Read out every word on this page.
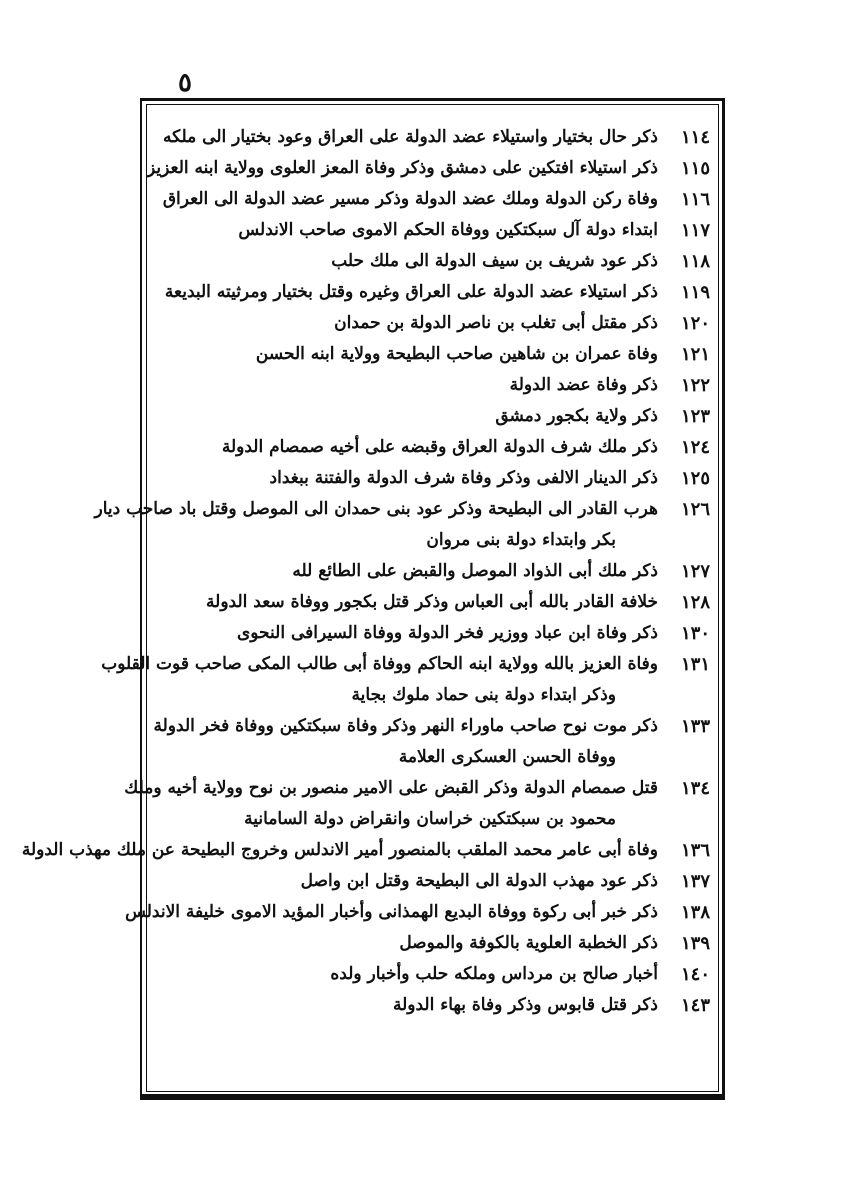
٥
١١٤
ذكر حال بختيار واستيلاء عضد الدولة على العراق وعود بختيار الى ملكه
١١٥
ذكر استيلاء افتكين على دمشق وذكر وفاة المعز العلوى وولاية ابنه العزيز
١١٦
وفاة ركن الدولة وملك عضد الدولة وذكر مسير عضد الدولة الى العراق
١١٧
ابتداء دولة آل سبكتكين ووفاة الحكم الاموى صاحب الاندلس
١١٨
ذكر عود شريف بن سيف الدولة الى ملك حلب
١١٩
ذكر استيلاء عضد الدولة على العراق وغيره وقتل بختيار ومرثيته البديعة
١٢٠
ذكر مقتل أبى تغلب بن ناصر الدولة بن حمدان
١٢١
وفاة عمران بن شاهين صاحب البطيحة وولاية ابنه الحسن
١٢٢
ذكر وفاة عضد الدولة
١٢٣
ذكر ولاية بكجور دمشق
١٢٤
ذكر ملك شرف الدولة العراق وقبضه على أخيه صمصام الدولة
١٢٥
ذكر الدينار الالفى وذكر وفاة شرف الدولة والفتنة ببغداد
١٢٦
هرب القادر الى البطيحة وذكر عود بنى حمدان الى الموصل وقتل باد صاحب ديار
بكر وابتداء دولة بنى مروان
١٢٧
ذكر ملك أبى الذواد الموصل والقبض على الطائع لله
١٢٨
خلافة القادر بالله أبى العباس وذكر قتل بكجور ووفاة سعد الدولة
١٣٠
ذكر وفاة ابن عباد ووزير فخر الدولة ووفاة السيرافى النحوى
١٣١
وفاة العزيز بالله وولاية ابنه الحاكم ووفاة أبى طالب المكى صاحب قوت القلوب
وذكر ابتداء دولة بنى حماد ملوك بجاية
١٣٣
ذكر موت نوح صاحب ماوراء النهر وذكر وفاة سبكتكين ووفاة فخر الدولة
ووفاة الحسن العسكرى العلامة
١٣٤
قتل صمصام الدولة وذكر القبض على الامير منصور بن نوح وولاية أخيه وملك
محمود بن سبكتكين خراسان وانقراض دولة السامانية
١٣٦
وفاة أبى عامر محمد الملقب بالمنصور أمير الاندلس وخروج البطيحة عن ملك مهذب الدولة
١٣٧
ذكر عود مهذب الدولة الى البطيحة وقتل ابن واصل
١٣٨
ذكر خبر أبى ركوة ووفاة البديع الهمذانى وأخبار المؤيد الاموى خليفة الاندلس
١٣٩
ذكر الخطبة العلوية بالكوفة والموصل
١٤٠
أخبار صالح بن مرداس وملكه حلب وأخبار ولده
١٤٣
ذكر قتل قابوس وذكر وفاة بهاء الدولة
